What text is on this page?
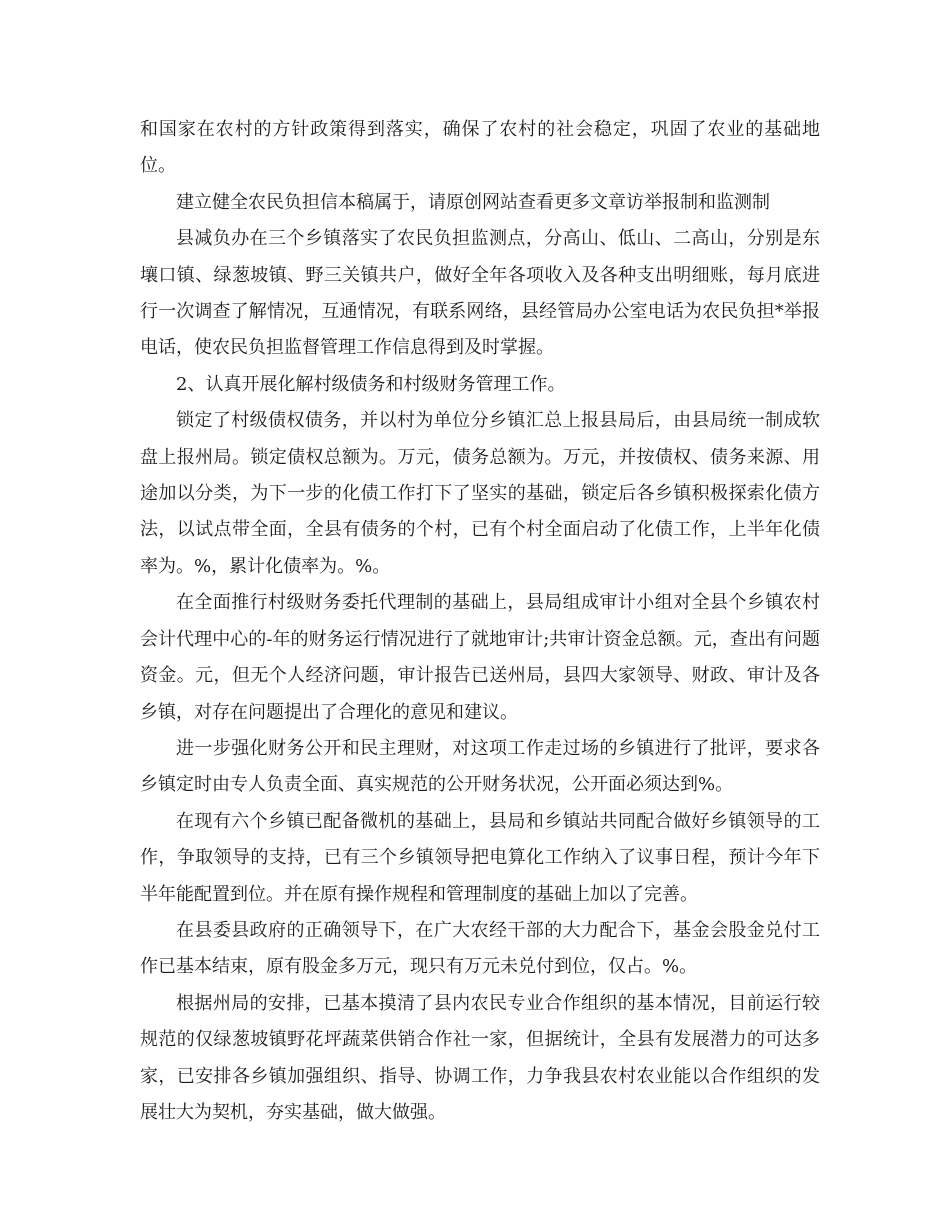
和国家在农村的方针政策得到落实，确保了农村的社会稳定，巩固了农业的基础地位。

建立健全农民负担信本稿属于，请原创网站查看更多文章访举报制和监测制

县减负办在三个乡镇落实了农民负担监测点，分高山、低山、二高山，分别是东壤口镇、绿葱坡镇、野三关镇共户，做好全年各项收入及各种支出明细账，每月底进行一次调查了解情况，互通情况，有联系网络，县经管局办公室电话为农民负担*举报电话，使农民负担监督管理工作信息得到及时掌握。

2、认真开展化解村级债务和村级财务管理工作。

锁定了村级债权债务，并以村为单位分乡镇汇总上报县局后，由县局统一制成软盘上报州局。锁定债权总额为。万元，债务总额为。万元，并按债权、债务来源、用途加以分类，为下一步的化债工作打下了坚实的基础，锁定后各乡镇积极探索化债方法，以试点带全面，全县有债务的个村，已有个村全面启动了化债工作，上半年化债率为。%，累计化债率为。%。

在全面推行村级财务委托代理制的基础上，县局组成审计小组对全县个乡镇农村会计代理中心的-年的财务运行情况进行了就地审计;共审计资金总额。元，查出有问题资金。元，但无个人经济问题，审计报告已送州局，县四大家领导、财政、审计及各乡镇，对存在问题提出了合理化的意见和建议。

进一步强化财务公开和民主理财，对这项工作走过场的乡镇进行了批评，要求各乡镇定时由专人负责全面、真实规范的公开财务状况，公开面必须达到%。

在现有六个乡镇已配备微机的基础上，县局和乡镇站共同配合做好乡镇领导的工作，争取领导的支持，已有三个乡镇领导把电算化工作纳入了议事日程，预计今年下半年能配置到位。并在原有操作规程和管理制度的基础上加以了完善。

在县委县政府的正确领导下，在广大农经干部的大力配合下，基金会股金兑付工作已基本结束，原有股金多万元，现只有万元未兑付到位，仅占。%。

根据州局的安排，已基本摸清了县内农民专业合作组织的基本情况，目前运行较规范的仅绿葱坡镇野花坪蔬菜供销合作社一家，但据统计，全县有发展潜力的可达多家，已安排各乡镇加强组织、指导、协调工作，力争我县农村农业能以合作组织的发展壮大为契机，夯实基础，做大做强。
